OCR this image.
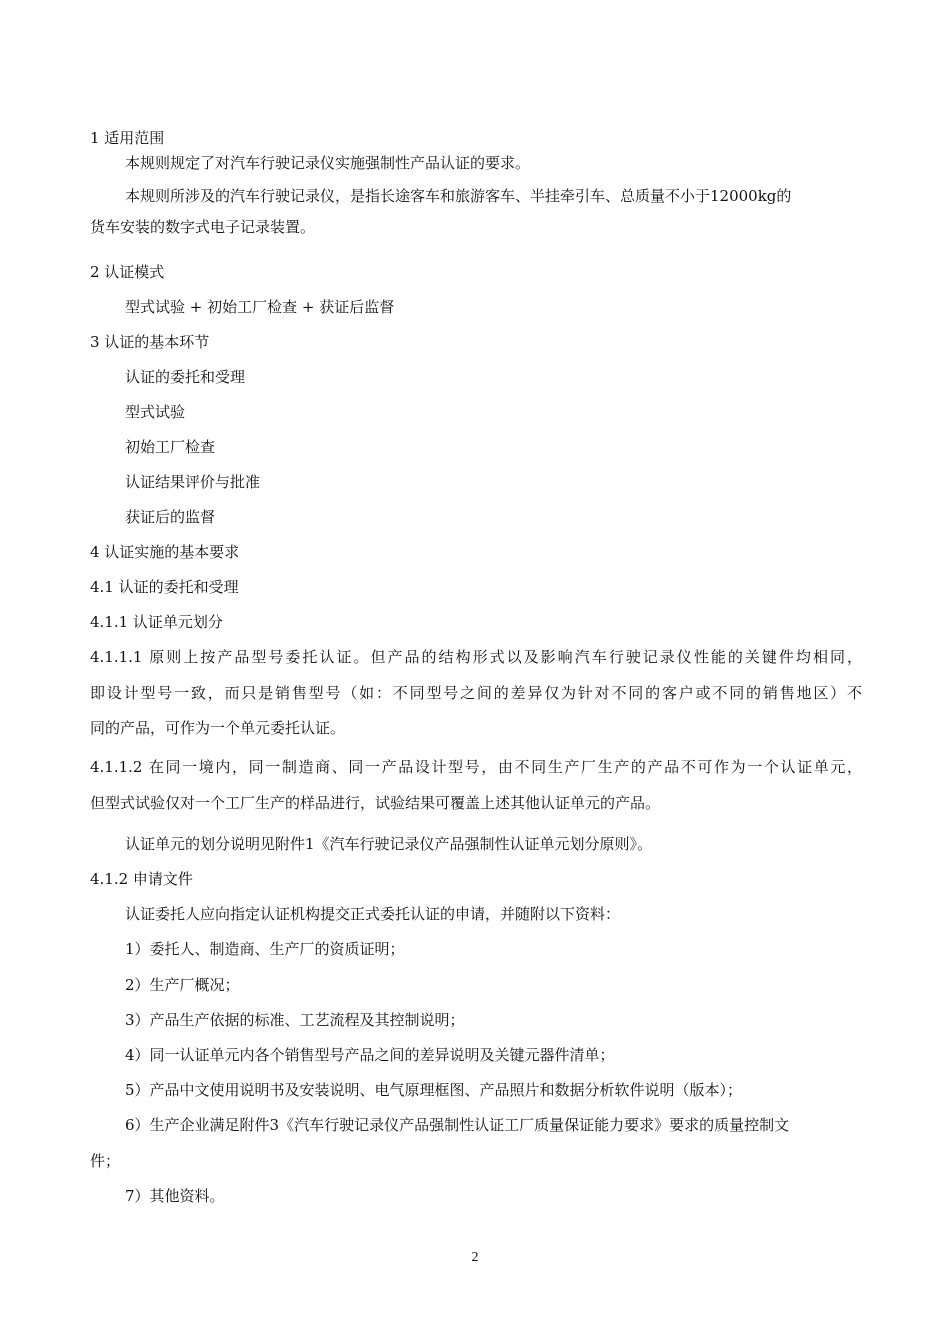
1 适用范围
本规则规定了对汽车行驶记录仪实施强制性产品认证的要求。
本规则所涉及的汽车行驶记录仪，是指长途客车和旅游客车、半挂牵引车、总质量不小于12000kg的
货车安装的数字式电子记录装置。
2 认证模式
型式试验 + 初始工厂检查 + 获证后监督
3 认证的基本环节
认证的委托和受理
型式试验
初始工厂检查
认证结果评价与批准
获证后的监督
4 认证实施的基本要求
4.1 认证的委托和受理
4.1.1 认证单元划分
4.1.1.1 原则上按产品型号委托认证。但产品的结构形式以及影响汽车行驶记录仪性能的关键件均相同，
即设计型号一致，而只是销售型号（如：不同型号之间的差异仅为针对不同的客户或不同的销售地区）不
同的产品，可作为一个单元委托认证。
4.1.1.2 在同一境内，同一制造商、同一产品设计型号，由不同生产厂生产的产品不可作为一个认证单元，
但型式试验仅对一个工厂生产的样品进行，试验结果可覆盖上述其他认证单元的产品。
认证单元的划分说明见附件1《汽车行驶记录仪产品强制性认证单元划分原则》。
4.1.2 申请文件
认证委托人应向指定认证机构提交正式委托认证的申请，并随附以下资料：
1）委托人、制造商、生产厂的资质证明；
2）生产厂概况；
3）产品生产依据的标准、工艺流程及其控制说明；
4）同一认证单元内各个销售型号产品之间的差异说明及关键元器件清单；
5）产品中文使用说明书及安装说明、电气原理框图、产品照片和数据分析软件说明（版本）；
6）生产企业满足附件3《汽车行驶记录仪产品强制性认证工厂质量保证能力要求》要求的质量控制文
件；
7）其他资料。
2
